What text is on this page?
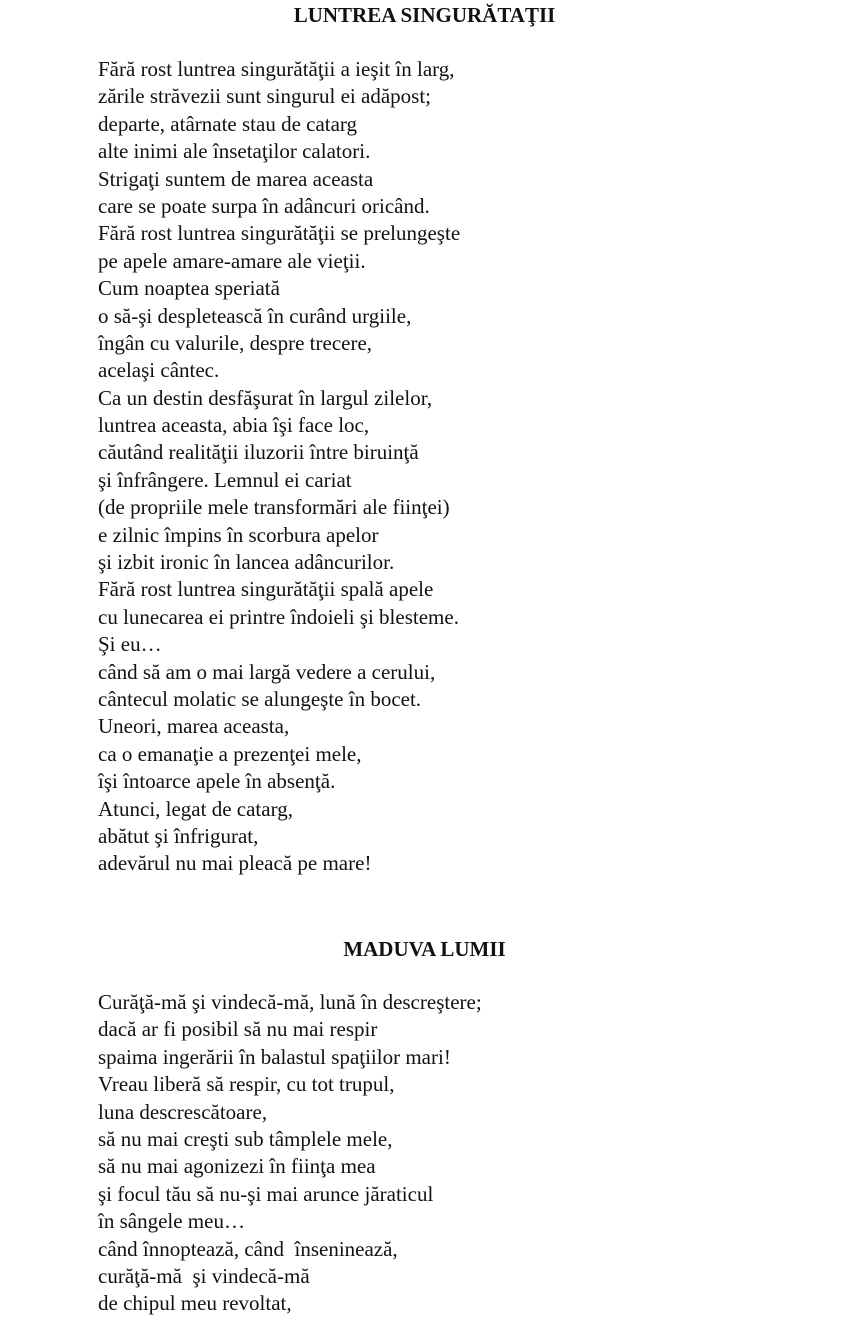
LUNTREA SINGURĂTAŢII
Fără rost luntrea singurătăţii a ieşit în larg,
zările străvezii sunt singurul ei adăpost;
departe, atârnate stau de catarg
alte inimi ale însetaţilor calatori.
Strigaţi suntem de marea aceasta
care se poate surpa în adâncuri oricând.
Fără rost luntrea singurătăţii se prelungeşte
pe apele amare-amare ale vieţii.
Cum noaptea speriată
o să-şi despletească în curând urgiile,
îngân cu valurile, despre trecere,
acelaşi cântec.
Ca un destin desfăşurat în largul zilelor,
luntrea aceasta, abia îşi face loc,
căutând realităţii iluzorii între biruinţă
şi înfrângere. Lemnul ei cariat
(de propriile mele transformări ale fiinţei)
e zilnic împins în scorbura apelor
şi izbit ironic în lancea adâncurilor.
Fără rost luntrea singurătăţii spală apele
cu lunecarea ei printre îndoieli şi blesteme.
Şi eu…
când să am o mai largă vedere a cerului,
cântecul molatic se alungeşte în bocet.
Uneori, marea aceasta,
ca o emanaţie a prezenţei mele,
îşi întoarce apele în absenţă.
Atunci, legat de catarg,
abătut şi înfrigurat,
adevărul nu mai pleacă pe mare!
MADUVA LUMII
Curăţă-mă şi vindecă-mă, lună în descreştere;
dacă ar fi posibil să nu mai respir
spaima ingerării în balastul spaţiilor mari!
Vreau liberă să respir, cu tot trupul,
luna descrescătoare,
să nu mai creşti sub tâmplele mele,
să nu mai agonizezi în fiinţa mea
şi focul tău să nu-şi mai arunce jăraticul
în sângele meu…
când înnoptează, când  înseninează,
curăţă-mă  şi vindecă-mă
de chipul meu revoltat,
